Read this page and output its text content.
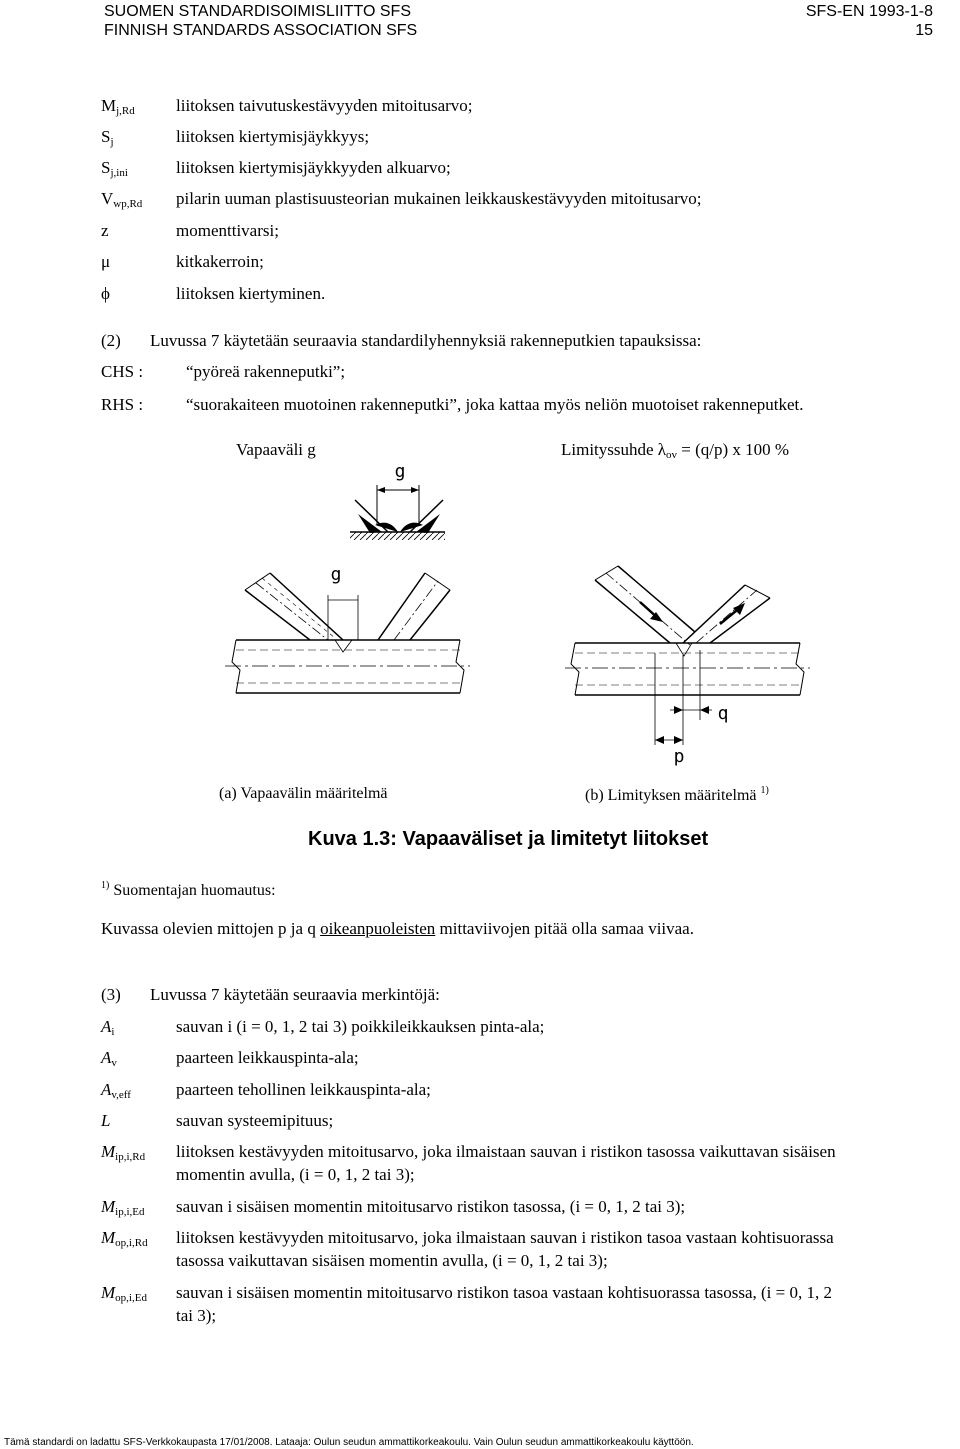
SUOMEN STANDARDISOIMISLIITTO SFS
FINNISH STANDARDS ASSOCIATION SFS
SFS-EN 1993-1-8
15
$M_{j,Rd}$ liitoksen taivutuskestävyyden mitoitusarvo;
$S_j$	liitoksen kiertymisjäykkyys;
$S_{j,ini}$	liitoksen kiertymisjäykkyyden alkuarvo;
$V_{wp,Rd}$ pilarin uuman plastisuusteorian mukainen leikkauskestävyyden mitoitusarvo;
z	momenttivarsi;
μ	kitkakerroin;
ϕ	liitoksen kiertyminen.
(2) Luvussa 7 käytetään seuraavia standardilyhennyksiä rakenneputkien tapauksissa:
CHS :	“pyöreä rakenneputki”;
RHS :	“suorakaiteen muotoinen rakenneputki”, joka kattaa myös neliön muotoiset rakenneputket.
Vapaaväli g	Limityssuhde $\lambda_{ov} = (q/p)$ x 100 %
g
g
q
p
(a) Vapaavälin määritelmä	(b) Limityksen määritelmä $^{1)}$
Kuva 1.3: Vapaaväliset ja limitetyt liitokset
$^{1)}$ Suomentajan huomautus:
Kuvassa olevien mittojen p ja q oikeanpuoleisten mittaviivojen pitää olla samaa viivaa.
(3) Luvussa 7 käytetään seuraavia merkintöjä:
$A_i$	sauvan i (i = 0, 1, 2 tai 3) poikkileikkauksen pinta-ala;
$A_v$	paarteen leikkauspinta-ala;
$A_{v,eff}$	paarteen tehollinen leikkauspinta-ala;
L	sauvan systeemipituus;
$M_{ip,i,Rd}$ liitoksen kestävyyden mitoitusarvo, joka ilmaistaan sauvan i ristikon tasossa vaikuttavan sisäisen
momentin avulla, (i = 0, 1, 2 tai 3);
$M_{ip,i,Ed}$ sauvan i sisäisen momentin mitoitusarvo ristikon tasossa, (i = 0, 1, 2 tai 3);
$M_{op,i,Rd}$ liitoksen kestävyyden mitoitusarvo, joka ilmaistaan sauvan i ristikon tasoa vastaan kohtisuorassa
tasossa vaikuttavan sisäisen momentin avulla, (i = 0, 1, 2 tai 3);
$M_{op,i,Ed}$ sauvan i sisäisen momentin mitoitusarvo ristikon tasoa vastaan kohtisuorassa tasossa, (i = 0, 1, 2
tai 3);
Tämä standardi on ladattu SFS-Verkkokaupasta 17/01/2008. Lataaja: Oulun seudun ammattikorkeakoulu. Vain Oulun seudun ammattikorkeakoulu käyttöön.
